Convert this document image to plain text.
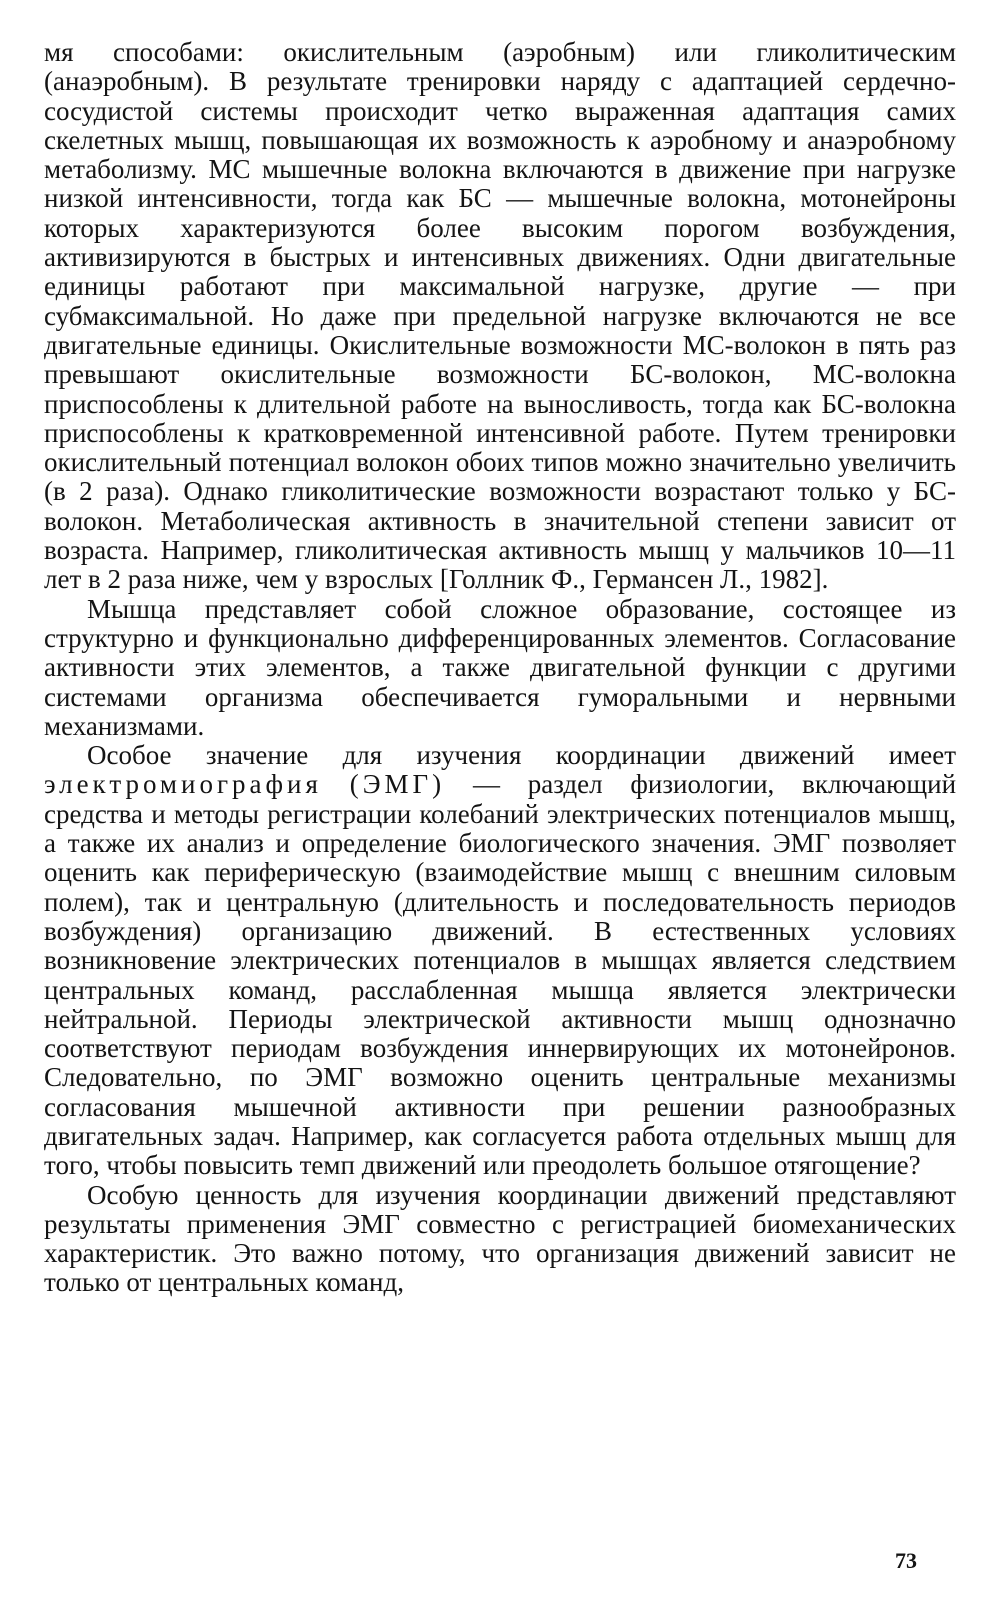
мя способами: окислительным (аэробным) или гликолитическим (анаэробным). В результате тренировки наряду с адаптацией сердечно-сосудистой системы происходит четко выраженная адаптация самих скелетных мышц, повышающая их возможность к аэробному и анаэробному метаболизму. МС мышечные волокна включаются в движение при нагрузке низкой интенсивности, тогда как БС — мышечные волокна, мотонейроны которых характеризуются более высоким порогом возбуждения, активизируются в быстрых и интенсивных движениях. Одни двигательные единицы работают при максимальной нагрузке, другие — при субмаксимальной. Но даже при предельной нагрузке включаются не все двигательные единицы. Окислительные возможности МС-волокон в пять раз превышают окислительные возможности БС-волокон, МС-волокна приспособлены к длительной работе на выносливость, тогда как БС-волокна приспособлены к кратковременной интенсивной работе. Путем тренировки окислительный потенциал волокон обоих типов можно значительно увеличить (в 2 раза). Однако гликолитические возможности возрастают только у БС-волокон. Метаболическая активность в значительной степени зависит от возраста. Например, гликолитическая активность мышц у мальчиков 10—11 лет в 2 раза ниже, чем у взрослых [Голлник Ф., Германсен Л., 1982].

Мышца представляет собой сложное образование, состоящее из структурно и функционально дифференцированных элементов. Согласование активности этих элементов, а также двигательной функции с другими системами организма обеспечивается гуморальными и нервными механизмами.

Особое значение для изучения координации движений имеет электромиография (ЭМГ) — раздел физиологии, включающий средства и методы регистрации колебаний электрических потенциалов мышц, а также их анализ и определение биологического значения. ЭМГ позволяет оценить как периферическую (взаимодействие мышц с внешним силовым полем), так и центральную (длительность и последовательность периодов возбуждения) организацию движений. В естественных условиях возникновение электрических потенциалов в мышцах является следствием центральных команд, расслабленная мышца является электрически нейтральной. Периоды электрической активности мышц однозначно соответствуют периодам возбуждения иннервирующих их мотонейронов. Следовательно, по ЭМГ возможно оценить центральные механизмы согласования мышечной активности при решении разнообразных двигательных задач. Например, как согласуется работа отдельных мышц для того, чтобы повысить темп движений или преодолеть большое отягощение?

Особую ценность для изучения координации движений представляют результаты применения ЭМГ совместно с регистрацией биомеханических характеристик. Это важно потому, что организация движений зависит не только от центральных команд,

73
